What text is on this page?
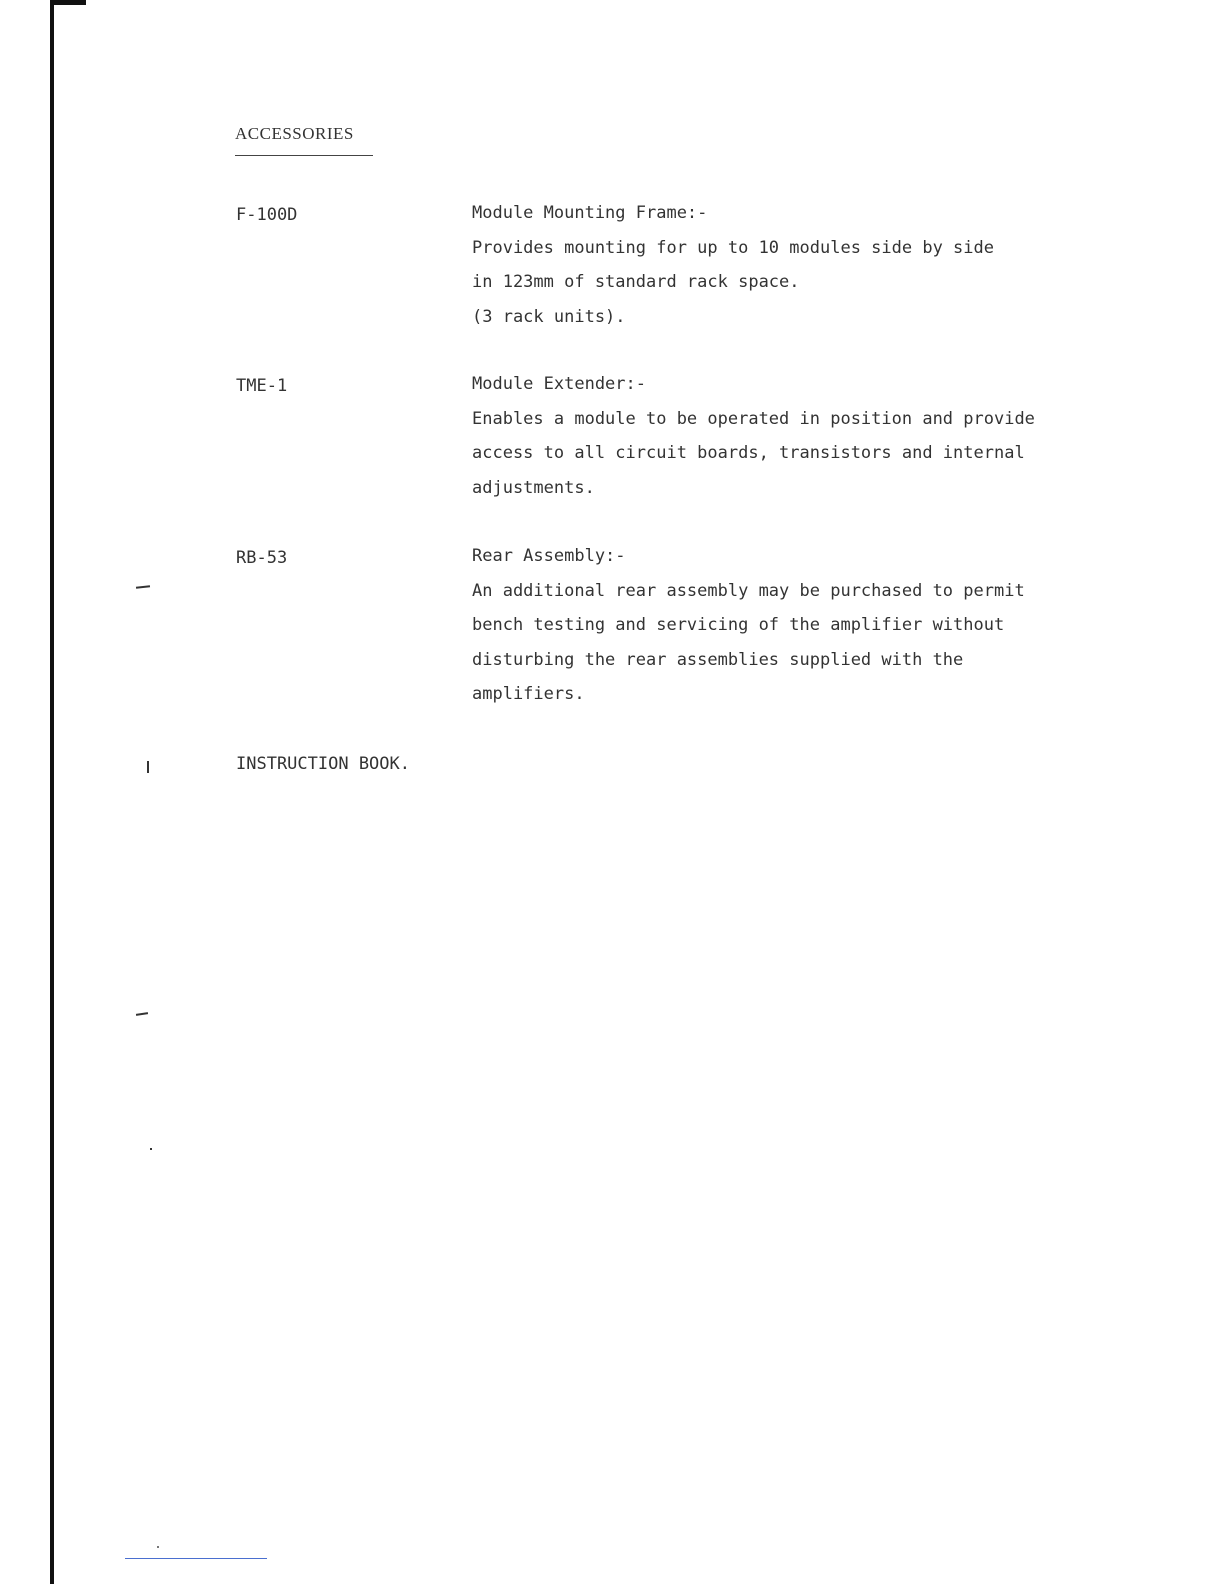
ACCESSORIES
F-100D	Module Mounting Frame:-
Provides mounting for up to 10 modules side by side
in 123mm of standard rack space.
(3 rack units).
TME-1	Module Extender:-
Enables a module to be operated in position and provide
access to all circuit boards, transistors and internal
adjustments.
RB-53	Rear Assembly:-
An additional rear assembly may be purchased to permit
bench testing and servicing of the amplifier without
disturbing the rear assemblies supplied with the
amplifiers.
INSTRUCTION BOOK.
